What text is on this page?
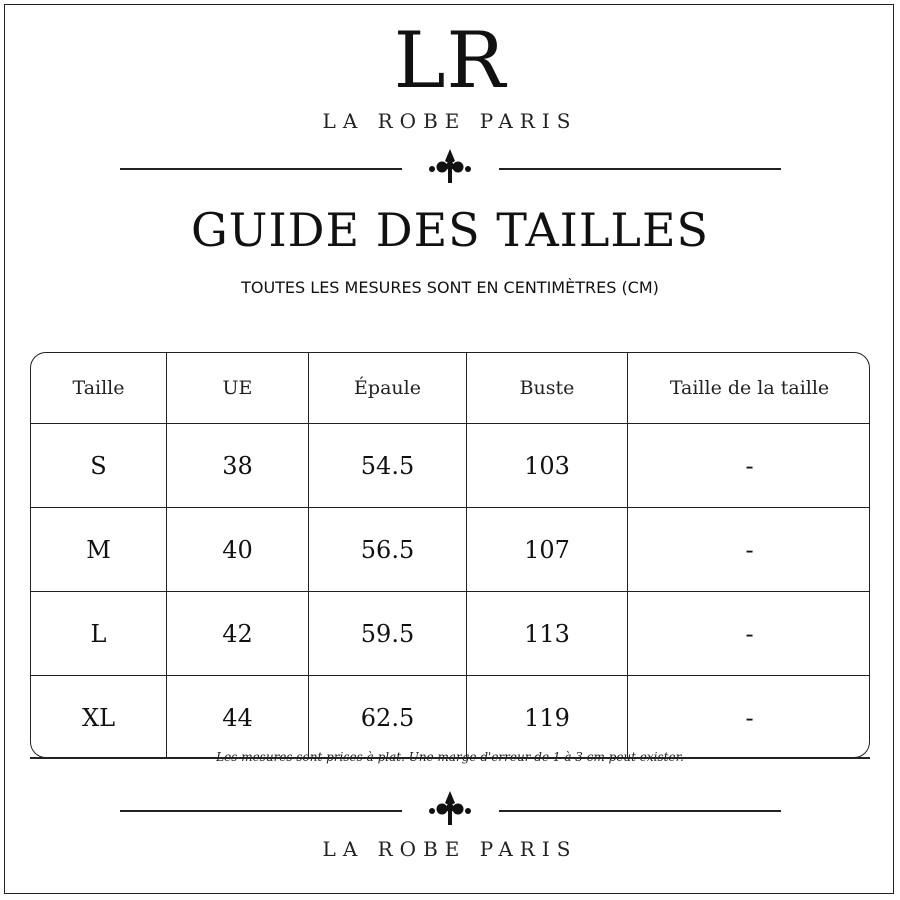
LR
LA ROBE PARIS
GUIDE DES TAILLES
TOUTES LES MESURES SONT EN CENTIMÈTRES (CM)
Taille	UE	Épaule	Buste	Taille de la taille
S	38	54.5	103	-
M	40	56.5	107	-
L	42	59.5	113	-
XL	44	62.5	119	-
Les mesures sont prises à plat. Une marge d'erreur de 1 à 3 cm peut exister.
LA ROBE PARIS
